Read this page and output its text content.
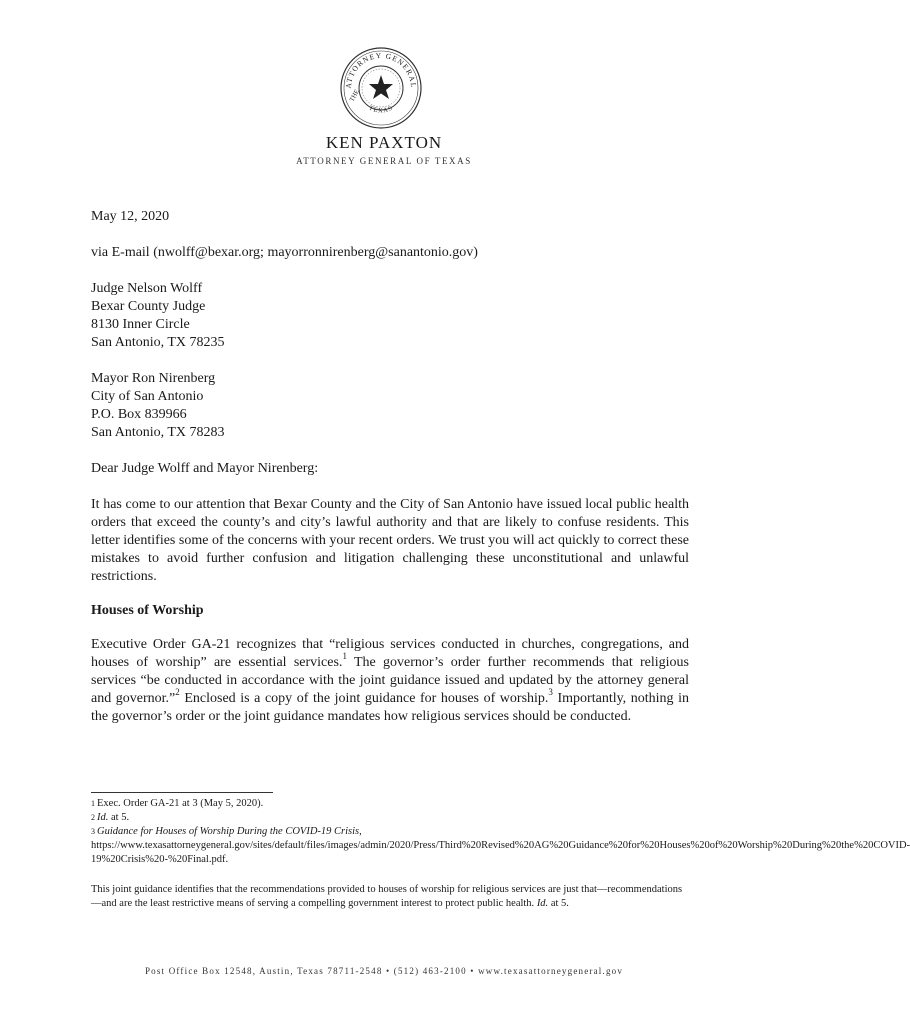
ATTORNEY GENERAL
THE
TEXAS
KEN PAXTON
ATTORNEY GENERAL OF TEXAS
May 12, 2020
via E-mail (nwolff@bexar.org; mayorronnirenberg@sanantonio.gov)
Judge Nelson Wolff
Bexar County Judge
8130 Inner Circle
San Antonio, TX 78235
Mayor Ron Nirenberg
City of San Antonio
P.O. Box 839966
San Antonio, TX 78283
Dear Judge Wolff and Mayor Nirenberg:

It has come to our attention that Bexar County and the City of San Antonio have issued local public health orders that exceed the county’s and city’s lawful authority and that are likely to confuse residents. This letter identifies some of the concerns with your recent orders. We trust you will act quickly to correct these mistakes to avoid further confusion and litigation challenging these unconstitutional and unlawful restrictions.

Houses of Worship

Executive Order GA-21 recognizes that “religious services conducted in churches, congregations, and houses of worship” are essential services.$^1$ The governor’s order further recommends that religious services “be conducted in accordance with the joint guidance issued and updated by the attorney general and governor.”$^2$ Enclosed is a copy of the joint guidance for houses of worship.$^3$ Importantly, nothing in the governor’s order or the joint guidance mandates how religious services should be conducted.

$^1$ Exec. Order GA-21 at 3 (May 5, 2020).

$^2$ Id. at 5.

$^3$ Guidance for Houses of Worship During the COVID-19 Crisis, https://www.texasattorneygeneral.gov/sites/default/files/images/admin/2020/Press/Third%20Revised%20AG%20Guidance%20for%20Houses%20of%20Worship%20During%20the%20COVID-19%20Crisis%20-%20Final.pdf.

This joint guidance identifies that the recommendations provided to houses of worship for religious services are just that—recommendations—and are the least restrictive means of serving a compelling government interest to protect public health. Id. at 5.

Post Office Box 12548, Austin, Texas 78711-2548 • (512) 463-2100 • www.texasattorneygeneral.gov
